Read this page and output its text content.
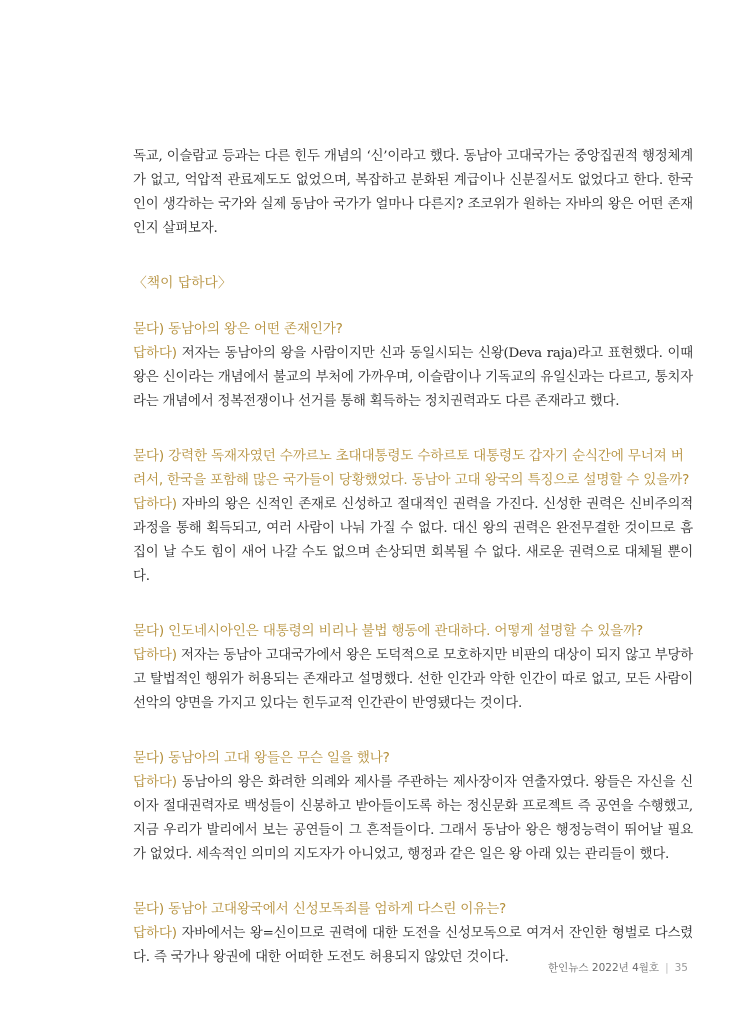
독교, 이슬람교 등과는 다른 힌두 개념의 ‘신’이라고 했다. 동남아 고대국가는 중앙집권적 행정체계가 없고, 억압적 관료제도도 없었으며, 복잡하고 분화된 계급이나 신분질서도 없었다고 한다. 한국인이 생각하는 국가와 실제 동남아 국가가 얼마나 다른지? 조코위가 원하는 자바의 왕은 어떤 존재인지 살펴보자.

〈책이 답하다〉

묻다) 동남아의 왕은 어떤 존재인가?

답하다) 저자는 동남아의 왕을 사람이지만 신과 동일시되는 신왕(Deva raja)라고 표현했다. 이때 왕은 신이라는 개념에서 불교의 부처에 가까우며, 이슬람이나 기독교의 유일신과는 다르고, 통치자라는 개념에서 정복전쟁이나 선거를 통해 획득하는 정치권력과도 다른 존재라고 했다.

묻다) 강력한 독재자였던 수까르노 초대대통령도 수하르토 대통령도 갑자기 순식간에 무너져 버려서, 한국을 포함해 많은 국가들이 당황했었다. 동남아 고대 왕국의 특징으로 설명할 수 있을까?

답하다) 자바의 왕은 신적인 존재로 신성하고 절대적인 권력을 가진다. 신성한 권력은 신비주의적 과정을 통해 획득되고, 여러 사람이 나눠 가질 수 없다. 대신 왕의 권력은 완전무결한 것이므로 흠집이 날 수도 힘이 새어 나갈 수도 없으며 손상되면 회복될 수 없다. 새로운 권력으로 대체될 뿐이다.

묻다) 인도네시아인은 대통령의 비리나 불법 행동에 관대하다. 어떻게 설명할 수 있을까?

답하다) 저자는 동남아 고대국가에서 왕은 도덕적으로 모호하지만 비판의 대상이 되지 않고 부당하고 탈법적인 행위가 허용되는 존재라고 설명했다. 선한 인간과 악한 인간이 따로 없고, 모든 사람이 선악의 양면을 가지고 있다는 힌두교적 인간관이 반영됐다는 것이다.

묻다) 동남아의 고대 왕들은 무슨 일을 했나?

답하다) 동남아의 왕은 화려한 의례와 제사를 주관하는 제사장이자 연출자였다. 왕들은 자신을 신이자 절대권력자로 백성들이 신봉하고 받아들이도록 하는 정신문화 프로젝트 즉 공연을 수행했고, 지금 우리가 발리에서 보는 공연들이 그 흔적들이다. 그래서 동남아 왕은 행정능력이 뛰어날 필요가 없었다. 세속적인 의미의 지도자가 아니었고, 행정과 같은 일은 왕 아래 있는 관리들이 했다.

묻다) 동남아 고대왕국에서 신성모독죄를 엄하게 다스린 이유는?

답하다) 자바에서는 왕=신이므로 권력에 대한 도전을 신성모독으로 여겨서 잔인한 형벌로 다스렸다. 즉 국가나 왕권에 대한 어떠한 도전도 허용되지 않았던 것이다.

한인뉴스 2022년 4월호 | 35
